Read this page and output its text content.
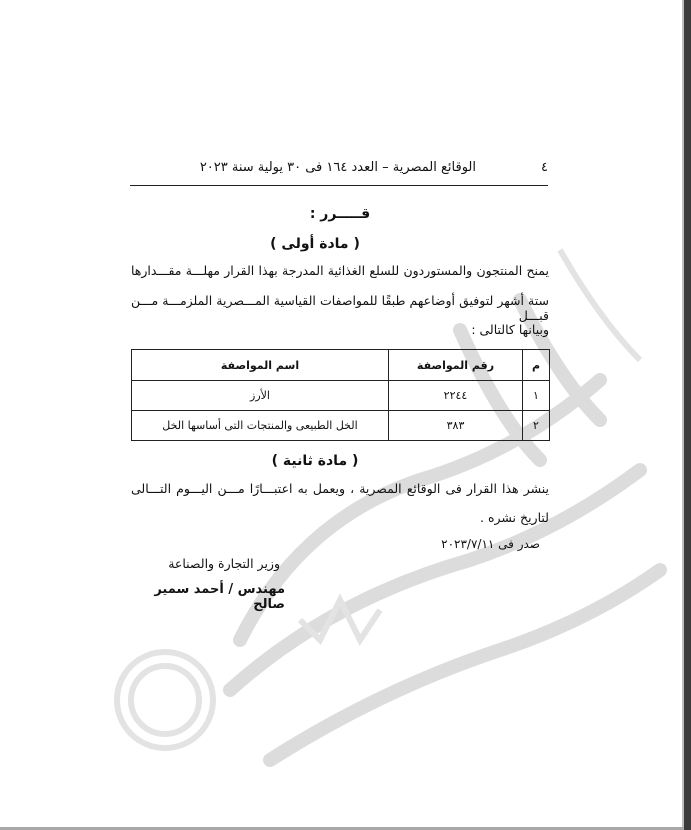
٤
الوقائع المصرية – العدد ١٦٤ فى ٣٠ يولية سنة ٢٠٢٣
قـــــرر :
( مادة أولى )
يمنح المنتجون والمستوردون للسلع الغذائية المدرجة بهذا القرار مهلـــة مقـــدارها
ستة أشهر لتوفيق أوضاعهم طبقًا للمواصفات القياسية المـــصرية الملزمـــة مـــن قبـــل
وبيانها كالتالى :
م	رقم المواصفة	اسم المواصفة
١	٢٢٤٤	الأرز
٢	٣٨٣	الخل الطبيعى والمنتجات التى أساسها الخل
( مادة ثانية )
ينشر هذا القرار فى الوقائع المصرية ، ويعمل به اعتبـــارًا مـــن اليـــوم التـــالى
لتاريخ نشره .
صدر فى ٢٠٢٣/٧/١١
وزير التجارة والصناعة
مهندس / أحمد سمير صالح
